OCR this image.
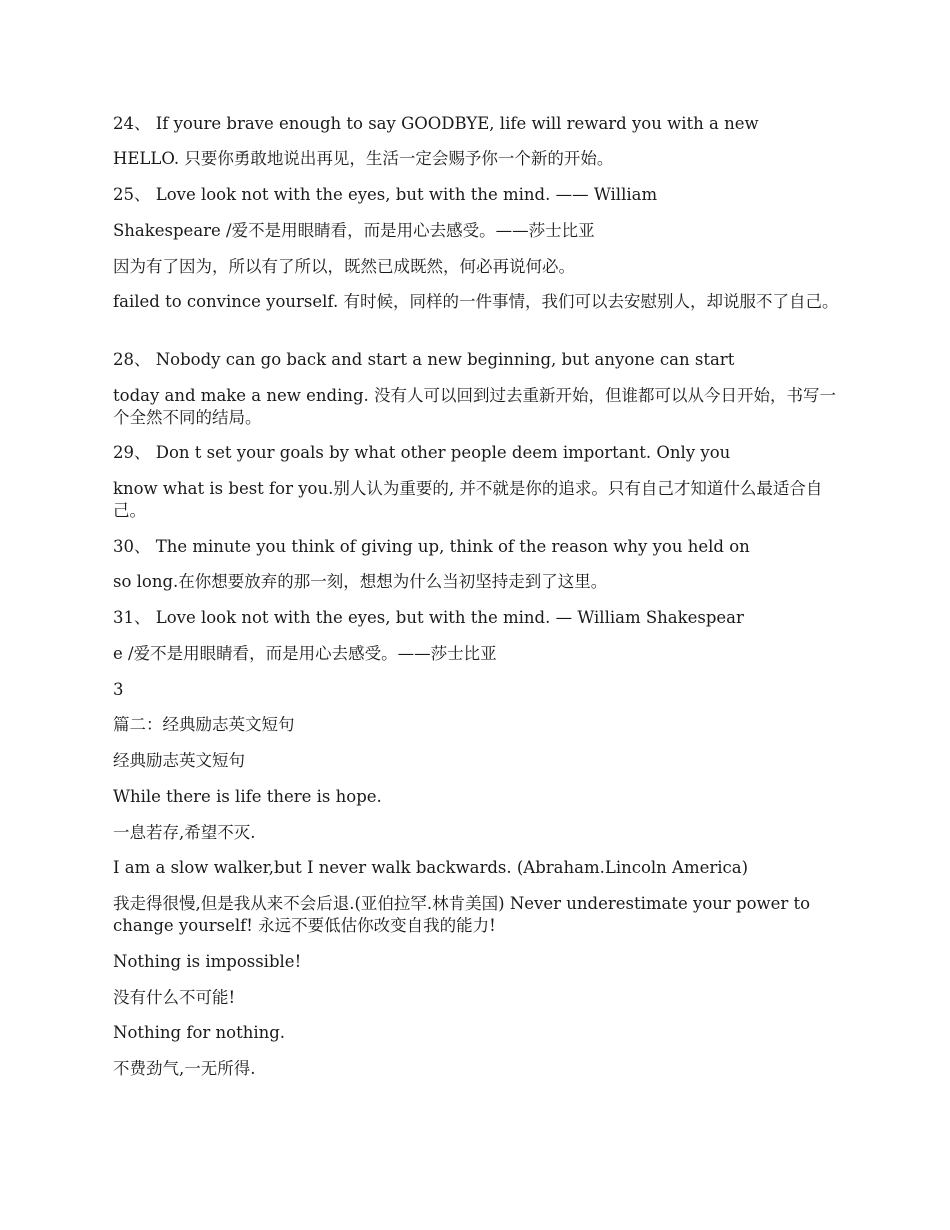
24、 If youre brave enough to say GOODBYE, life will reward you with a new

HELLO. 只要你勇敢地说出再见，生活一定会赐予你一个新的开始。

25、 Love look not with the eyes, but with the mind. —— William

Shakespeare /爱不是用眼睛看，而是用心去感受。——莎士比亚

因为有了因为，所以有了所以，既然已成既然，何必再说何必。

failed to convince yourself. 有时候，同样的一件事情，我们可以去安慰别人，却说服不了自己。

28、 Nobody can go back and start a new beginning, but anyone can start

today and make a new ending. 没有人可以回到过去重新开始，但谁都可以从今日开始，书写一个全然不同的结局。

29、 Don t set your goals by what other people deem important. Only you

know what is best for you.别人认为重要的, 并不就是你的追求。只有自己才知道什么最适合自己。

30、 The minute you think of giving up, think of the reason why you held on

so long.在你想要放弃的那一刻，想想为什么当初坚持走到了这里。

31、 Love look not with the eyes, but with the mind. — William Shakespear

e /爱不是用眼睛看，而是用心去感受。——莎士比亚

3

篇二：经典励志英文短句

经典励志英文短句

While there is life there is hope.

一息若存,希望不灭.

I am a slow walker,but I never walk backwards. (Abraham.Lincoln America)

我走得很慢,但是我从来不会后退.(亚伯拉罕.林肯美国) Never underestimate your power to change yourself! 永远不要低估你改变自我的能力!

Nothing is impossible!

没有什么不可能!

Nothing for nothing.

不费劲气,一无所得.
